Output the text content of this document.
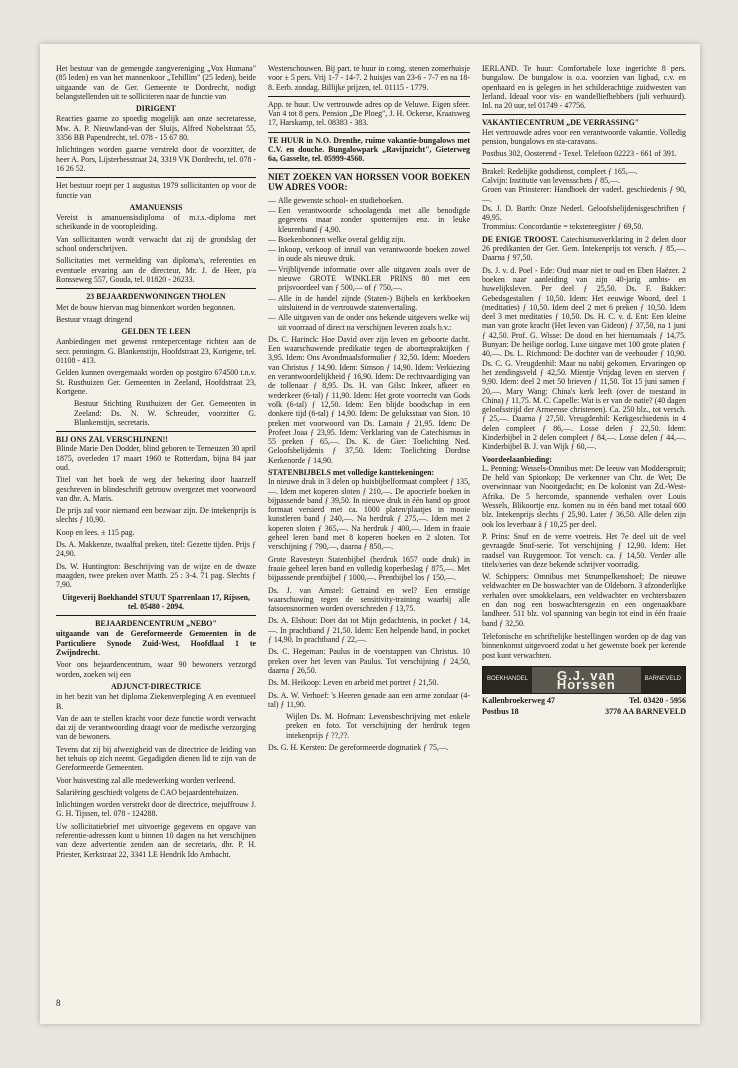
Het bestuur van de gemengde zangvereniging „Vox Humana" (85 leden) en van het mannenkoor „Tehillim" (25 leden), beide uitgaande van de Ger. Gemeente te Dordrecht, nodigt belangstellenden uit te solliciteren naar de functie van

DIRIGENT

Reacties gaarne zo spoedig mogelijk aan onze secretaresse, Mw. A. P. Nieuwland-van der Sluijs, Alfred Nobelstraat 55, 3356 BB Papendrecht, tel. 078 - 15 67 80.

Inlichtingen worden gaarne verstrekt door de voorzitter, de heer A. Pors, Lijsterbesstraat 24, 3319 VK Dordrecht, tel. 078 - 16 26 52.

Het bestuur roept per 1 augustus 1979 sollicitanten op voor de functie van

AMANUENSIS

Vereist is amanuensisdiploma of m.t.s.-diploma met scheikunde in de vooropleiding.

Van sollicitanten wordt verwacht dat zij de grondslag der school onderschrijven.

Sollicitaties met vermelding van diploma's, referenties en eventuele ervaring aan de directeur, Mr. J. de Heer, p/a Ronsseweg 557, Gouda, tel. 01820 - 26233.

23 BEJAARDENWONINGEN THOLEN

Met de bouw hiervan mag binnenkort worden begonnen.

Bestuur vraagt dringend

GELDEN TE LEEN

Aanbiedingen met gewenst rentepercentage richten aan de secr. penningm. G. Blankenstijn, Hoofdstraat 23, Kortgene, tel. 01108 - 413.

Gelden kunnen overgemaakt worden op postgiro 674500 t.n.v. St. Rusthuizen Ger. Gemeenten in Zeeland, Hoofdstraat 23, Kortgene.

Bestuur Stichting Rusthuizen der Ger. Gemeenten in Zeeland: Ds. N. W. Schreuder, voorzitter G. Blankenstijn, secretaris.

BIJ ONS ZAL VERSCHIJNEN!!

Blinde Marie Den Dodder, blind geboren te Terneuzen 30 april 1875, overleden 17 maart 1960 te Rotterdam, bijna 84 jaar oud.

Titel van het boek de weg der bekering door haarzelf geschreven in blindeschrift getrouw overgezet met voorwoord van dhr. A. Maris.

De prijs zal voor niemand een bezwaar zijn. De intekenprijs is slechts ƒ 10,90.

Koop en lees. ± 115 pag.

Ds. A. Makkenze, twaalftal preken, titel: Gezette tijden. Prijs ƒ 24,90.

Ds. W. Huntington: Beschrijving van de wijze en de dwaze maagden, twee preken over Matth. 25 : 3-4. 71 pag. Slechts ƒ 7,90.

Uitgeverij Boekhandel STUUT Sparrenlaan 17, Rijssen, tel. 05480 - 2094.

BEJAARDENCENTRUM „NEBO"

uitgaande van de Gereformeerde Gemeenten in de Particuliere Synode Zuid-West, Hoofdlaal 1 te Zwijndrecht.

Voor ons bejaardencentrum, waar 90 bewoners verzorgd worden, zoeken wij een

ADJUNCT-DIRECTRICE

in het bezit van het diploma Ziekenverpleging A en eventueel B.

Van de aan te stellen kracht voor deze functie wordt verwacht dat zij de verantwoording draagt voor de medische verzorging van de bewoners.

Tevens dat zij bij afwezigheid van de directrice de leiding van het tehuis op zich neemt. Gegadigden dienen lid te zijn van de Gereformeerde Gemeenten.

Voor huisvesting zal alle medewerking worden verleend.

Salariëring geschiedt volgens de CAO bejaardentehuizen.

Inlichtingen worden verstrekt door de directrice, mejuffrouw J. G. H. Tijssen, tel. 078 - 124288.

Uw sollicitatiebrief met uitvoerige gegevens en opgave van referentie-adressen kunt u binnen 10 dagen na het verschijnen van deze advertentie zenden aan de secretaris, dhr. P. H. Priester, Kerkstraat 22, 3341 LE Hendrik Ido Ambacht.

Westerschouwen. Bij part. te huur in r.omg. stenen zomerhuisje voor ± 5 pers. Vrij 1-7 - 14-7. 2 huisjes van 23-6 - 7-7 en na 18-8. Eerb. zondag. Billijke prijzen, tel. 01115 - 1779.

App. te huur. Uw vertrouwde adres op de Veluwe. Eigen sfeer. Van 4 tot 8 pers. Pension „De Ploeg", J. H. Ockerse, Kraatsweg 17, Harskamp, tel. 08383 - 383.

TE HUUR in N.O. Drenthe, ruime vakantie-bungalows met C.V. en douche. Bungalowpark „Ravijnzicht", Gieterweg 6a, Gasselte, tel. 05999-4560.

NIET ZOEKEN VAN HORSSEN VOOR BOEKEN UW ADRES VOOR:

— Alle gewenste school- en studieboeken.
— Een verantwoorde schoolagenda met alle benodigde gegevens maar zonder spotternijen enz. in leuke kleurenband ƒ 4,90.
— Boekenbonnen welke overal geldig zijn.
— Inkoop, verkoop of inruil van verantwoorde boeken zowel in oude als nieuwe druk.
— Vrijblijvende informatie over alle uitgaven zoals over de nieuwe GROTE WINKLER PRINS 80 met een prijsvoordeel van ƒ 500,— of ƒ 750,—.
— Alle in de handel zijnde (Staten-) Bijbels en kerkboeken uitsluitend in de vertrouwde statenvertaling.
— Alle uitgaven van de onder ons bekende uitgevers welke wij uit voorraad of direct na verschijnen leveren zoals b.v.:

Ds. C. Harinck: Hoe David over zijn leven en geboorte dacht. Een waarschuwende predikatie tegen de abortuspraktijken ƒ 3,95. Idem: Ons Avondmaalsformulier ƒ 32,50. Idem: Moeders van Christus ƒ 14,90. Idem: Simson ƒ 14,90. Idem: Verkiezing en verantwoordelijkheid ƒ 16,90. Idem: De rechtvaardiging van de tollenaar ƒ 8,95. Ds. H. van Gilst: Inkeer, afkeer en wederkeer (6-tal) ƒ 11,90. Idem: Het grote voorrecht van Gods volk (6-tal) ƒ 12,50. Idem: Een blijde boodschap in een donkere tijd (6-tal) ƒ 14,90. Idem: De geluksstaat van Sion. 10 preken met voorwoord van Ds. Lamain ƒ 21,95. Idem: De Profeet Joaa ƒ 23,95. Idem: Verklaring van de Catechismus in 55 preken ƒ 65,—. Ds. K. de Gier: Toelichting Ned. Geloofsbelijdenis ƒ 37,50. Idem: Toelichting Dordtse Kerkenorde ƒ 14,90.

STATENBIJBELS met volledige kanttekeningen:

In nieuwe druk in 3 delen op huisbijbelformaat compleet ƒ 135,—. Idem met koperen sloten ƒ 210,—. De apocriefe boeken in bijpassende band ƒ 39,50. In nieuwe druk in één band op groot formaat versierd met ca. 1000 platen/plaatjes in mooie kunstleren band ƒ 240,—. Na herdruk ƒ 275,—. Idem met 2 koperen sloten ƒ 365,—. Na herdruk ƒ 400,—. Idem in fraaie geheel leren band met 8 koperen hoeken en 2 sloten. Tot verschijning ƒ 790,—, daarna ƒ 850,—.

Grote Ravesteyn Statenbijbel (herdruk 1657 oude druk) in fraaie geheel leren band en volledig koperbeslag ƒ 875,—. Met bijpassende prentbijbel ƒ 1000,—. Prentbijbel los ƒ 150,—.

Ds. J. van Amstel: Getraind en wel? Een ernstige waarschuwing tegen de sensitivity-training waarbij alle fatsoensnormen worden overschreden ƒ 13,75.

Ds. A. Elshout: Doet dat tot Mijn gedachtenis, in pocket ƒ 14,—. In prachtband ƒ 21,50. Idem: Een helpende hand, in pocket ƒ 14,90. In prachtband ƒ 22,—.

Ds. C. Hegeman: Paulus in de voetstappen van Christus. 10 preken over het leven van Paulus. Tot verschijning ƒ 24,50, daarna ƒ 26,50.

Ds. M. Heikoop: Leven en arbeid met portret ƒ 21,50.

Ds. A. W. Verhoef: 's Heeren genade aan een arme zondaar (4-tal) ƒ 11,90.

Wijlen Ds. M. Hofman: Levensbeschrijving met enkele preken en foto. Tot verschijning der herdruk tegen intekenprijs ƒ ??,??.

Ds. G. H. Kersten: De gereformeerde dogmatiek ƒ 75,—.

IERLAND. Te huur: Comfortabele luxe ingerichte 8 pers. bungalow. De bungalow is o.a. voorzien van ligbad, c.v. en openhaard en is gelegen in het schilderachtige zuidwesten van Ierland. Ideaal voor vis- en wandelliefhebbers (juli verhuurd). Inl. na 20 uur, tel 01749 - 47756.

VAKANTIECENTRUM „DE VERRASSING"

Het vertrouwde adres voor een verantwoorde vakantie. Volledig pension, bungalows en sta-caravans.

Postbus 302, Oosterend - Texel. Telefoon 02223 - 661 of 391.

Brakel: Redelijke godsdienst, compleet ƒ 165,—.

Calvijn: Institutie van levensschets ƒ 85,—.

Groen van Prinsterer: Handboek der vaderl. geschiedenis ƒ 90,—.

Ds. J. D. Barth: Onze Nederl. Geloofsbelijdenisgeschriften ƒ 49,95.

Trommius: Concordantie = tekstenregister ƒ 69,50.

DE ENIGE TROOST. Catechismusverklaring in 2 delen door 26 predikanten der Ger. Gem. Intekenprijs tot versch. ƒ 85,—. Daarna ƒ 97,50.

Ds. J. v. d. Poel - Ede: Oud maar niet te oud en Eben Haëzer. 2 boeken naar aanleiding van zijn 40-jarig ambts- en huwelijksleven. Per deel ƒ 25,50. Ds. F. Bakker: Gebedsgestalten ƒ 10,50. Idem: Het eeuwige Woord, deel 1 (meditaties) ƒ 10,50. Idem deel 2 met 6 preken ƒ 10,50. Idem deel 3 met meditaties ƒ 10,50. Ds. H. C. v. d. Ent: Een kleine man van grote kracht (Het leven van Gideon) ƒ 37,50, na 1 juni ƒ 42,50. Prof. G. Wisse: De dood en het hiernamaals ƒ 14,75. Bunyan: De heilige oorlog. Luxe uitgave met 100 grote platen ƒ 40,—. Ds. L. Richmond: De dochter van de veehouder ƒ 10,90. Ds. C. G. Vreugdenhil: Maar nu nabij gekomen. Ervaringen op het zendingsveld ƒ 42,50. Mientje Vrijdag leven en sterven ƒ 9,90. Idem: deel 2 met 50 brieven ƒ 11,50. Tot 15 juni samen ƒ 20,—. Mary Wang: China's kerk leeft (over de toestand in China) ƒ 11,75. M. C. Capelle: Wat is er van de natie? (40 dagen geloofsstrijd der Armeense christenen). Ca. 250 blz., tot versch. ƒ 25,—. Daarna ƒ 27,50. Vreugdenhil: Kerkgeschiedenis in 4 delen compleet ƒ 86,—. Losse delen ƒ 22,50. Idem: Kinderbijbel in 2 delen compleet ƒ 84,—. Losse delen ƒ 44,—. Kinderbijbel B. J. van Wijk ƒ 60,—.

Voordeelaanbieding:

L. Penning: Wessels-Omnibus met: De leeuw van Modderspruit; De held van Spionkop; De verkenner van Chr. de Wet; De overwinnaar van Nooitgedacht; en De kolonist van Zd.-West-Afrika. De 5 hercomde, spannende verhalen over Louis Wessels, Blikoortje enz. komen nu in één band met totaal 600 blz. Intekenprijs slechts ƒ 25,90. Later ƒ 36,50. Alle delen zijn ook los leverbaar à ƒ 10,25 per deel.

P. Prins: Snuf en de verre voetreis. Het 7e deel uit de veel gevraagde Snuf-serie. Tot verschijning ƒ 12,90. Idem: Het raadsel van Ruygemoor. Tot versch. ca. ƒ 14,50. Verder alle titels/series van deze bekende schrijver voorradig.

W. Schippers: Omnibus met Strumpelkenshoef; De nieuwe veldwachter en De boswachter van de Oldeborn. 3 afzonderlijke verhalen over smokkelaars, een veldwachter en vechtersbazen en dan nog een boswachtersgezin en een ongenaakbare landheer. 511 blz. vol spanning van begin tot eind in één fraaie band ƒ 32,50.

Telefonische en schriftelijke bestellingen worden op de dag van binnenkomst uitgevoerd zodat u het gewenste boek per kerende post kunt verwachten.

BOEKHANDEL	G.J. van Horssen	BARNEVELD
Kallenbroekerweg 47	Tel. 03420 - 5956
Postbus 18	3770 AA BARNEVELD
8
